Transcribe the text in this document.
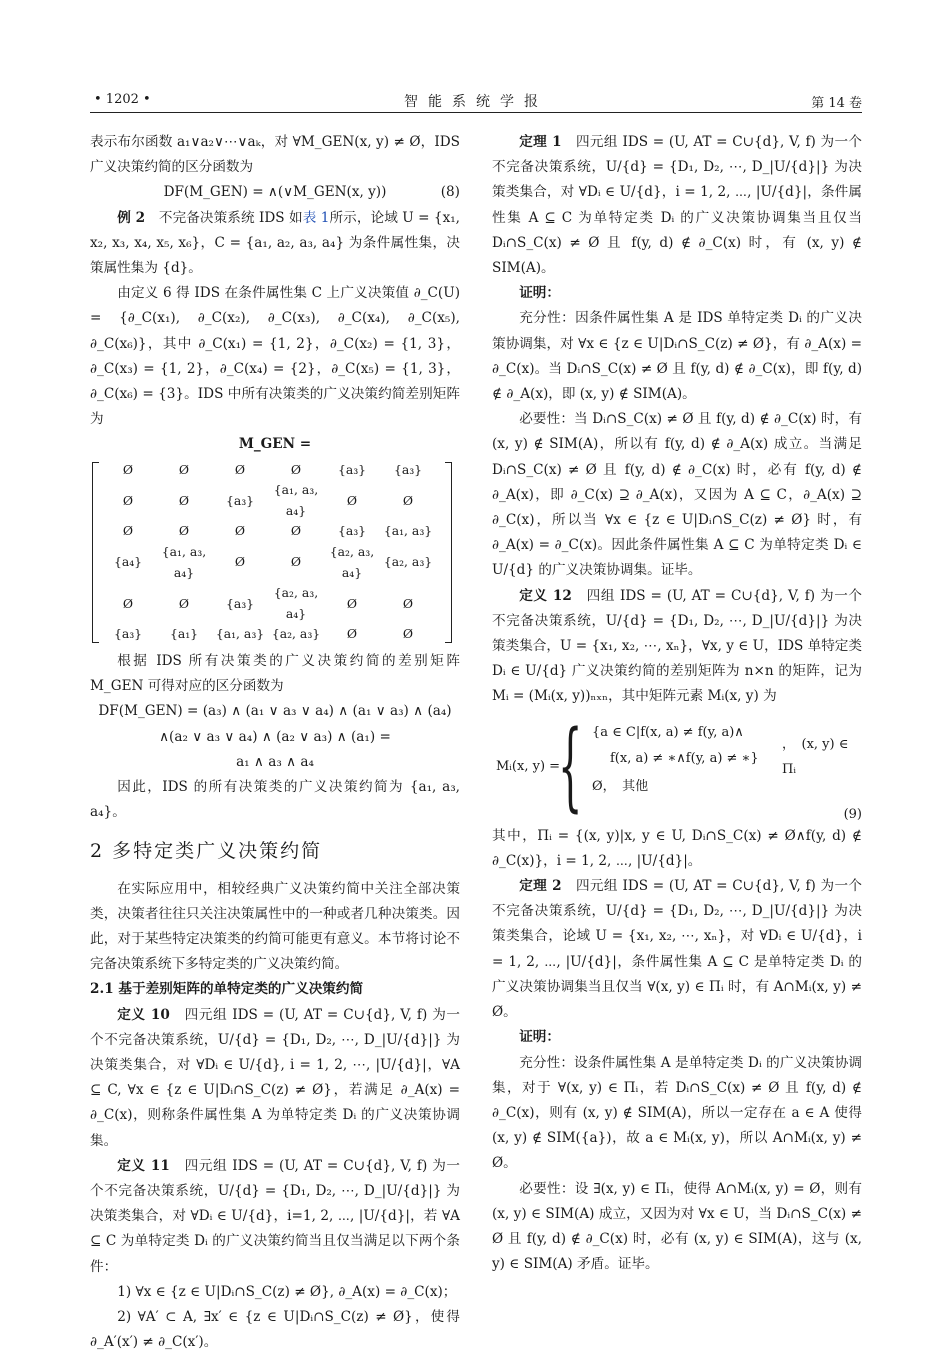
• 1202 •	智能系统学报	第 14 卷

表示布尔函数 a₁∨a₂∨⋯∨aₖ，对 ∀M_GEN(x, y) ≠ Ø，IDS 广义决策约简的区分函数为

DF(M_GEN) = ∧(∨M_GEN(x, y))	(8)

例 2　 不完备决策系统 IDS 如表 1所示，论域 U = {x₁, x₂, x₃, x₄, x₅, x₆}，C = {a₁, a₂, a₃, a₄} 为条件属性集，决策属性集为 {d}。

由定义 6 得 IDS 在条件属性集 C 上广义决策值 ∂_C(U) = {∂_C(x₁), ∂_C(x₂), ∂_C(x₃), ∂_C(x₄), ∂_C(x₅), ∂_C(x₆)}，其中 ∂_C(x₁) = {1, 2}，∂_C(x₂) = {1, 3}，∂_C(x₃) = {1, 2}，∂_C(x₄) = {2}，∂_C(x₅) = {1, 3}，∂_C(x₆) = {3}。IDS 中所有决策类的广义决策约简差别矩阵为

M_GEN =

Ø	Ø	Ø	Ø	{a₃}	{a₃}
Ø	Ø	{a₃}	{a₁, a₃, a₄}	Ø	Ø
Ø	Ø	Ø	Ø	{a₃}	{a₁, a₃}
{a₄}	{a₁, a₃, a₄}	Ø	Ø	{a₂, a₃, a₄}	{a₂, a₃}
Ø	Ø	{a₃}	{a₂, a₃, a₄}	Ø	Ø
{a₃}	{a₁}	{a₁, a₃}	{a₂, a₃}	Ø	Ø

根据 IDS 所有决策类的广义决策约简的差别矩阵 M_GEN 可得对应的区分函数为

DF(M_GEN) = (a₃) ∧ (a₁ ∨ a₃ ∨ a₄) ∧ (a₁ ∨ a₃) ∧ (a₄)

∧(a₂ ∨ a₃ ∨ a₄) ∧ (a₂ ∨ a₃) ∧ (a₁) =

a₁ ∧ a₃ ∧ a₄

因此，IDS 的所有决策类的广义决策约简为 {a₁, a₃, a₄}。

2 多特定类广义决策约简

在实际应用中，相较经典广义决策约简中关注全部决策类，决策者往往只关注决策属性中的一种或者几种决策类。因此，对于某些特定决策类的约简可能更有意义。本节将讨论不完备决策系统下多特定类的广义决策约简。

2.1 基于差别矩阵的单特定类的广义决策约简

定义 10　 四元组 IDS = (U, AT = C∪{d}, V, f) 为一个不完备决策系统，U/{d} = {D₁, D₂, ⋯, D_|U/{d}|} 为决策类集合，对 ∀Dᵢ ∈ U/{d}, i = 1, 2, ⋯, |U/{d}|，∀A ⊆ C, ∀x ∈ {z ∈ U|Dᵢ∩S_C(z) ≠ Ø}，若满足 ∂_A(x) = ∂_C(x)，则称条件属性集 A 为单特定类 Dᵢ 的广义决策协调集。

定义 11　 四元组 IDS = (U, AT = C∪{d}, V, f) 为一个不完备决策系统，U/{d} = {D₁, D₂, ⋯, D_|U/{d}|} 为决策类集合，对 ∀Dᵢ ∈ U/{d}，i=1, 2, ⋯, |U/{d}|，若 ∀A ⊆ C 为单特定类 Dᵢ 的广义决策约简当且仅当满足以下两个条件：

1) ∀x ∈ {z ∈ U|Dᵢ∩S_C(z) ≠ Ø}, ∂_A(x) = ∂_C(x)；

2) ∀A′ ⊂ A, ∃x′ ∈ {z ∈ U|Dᵢ∩S_C(z) ≠ Ø}，使得 ∂_A′(x′) ≠ ∂_C(x′)。

定理 1　 四元组 IDS = (U, AT = C∪{d}, V, f) 为一个不完备决策系统，U/{d} = {D₁, D₂, ⋯, D_|U/{d}|} 为决策类集合，对 ∀Dᵢ ∈ U/{d}，i = 1, 2, ⋯, |U/{d}|，条件属性集 A ⊆ C 为单特定类 Dᵢ 的广义决策协调集当且仅当 Dᵢ∩S_C(x) ≠ Ø 且 f(y, d) ∉ ∂_C(x) 时，有 (x, y) ∉ SIM(A)。

证明：

充分性：因条件属性集 A 是 IDS 单特定类 Dᵢ 的广义决策协调集，对 ∀x ∈ {z ∈ U|Dᵢ∩S_C(z) ≠ Ø}，有 ∂_A(x) = ∂_C(x)。当 Dᵢ∩S_C(x) ≠ Ø 且 f(y, d) ∉ ∂_C(x)，即 f(y, d) ∉ ∂_A(x)，即 (x, y) ∉ SIM(A)。

必要性：当 Dᵢ∩S_C(x) ≠ Ø 且 f(y, d) ∉ ∂_C(x) 时，有 (x, y) ∉ SIM(A)，所以有 f(y, d) ∉ ∂_A(x) 成立。当满足 Dᵢ∩S_C(x) ≠ Ø 且 f(y, d) ∉ ∂_C(x) 时，必有 f(y, d) ∉ ∂_A(x)，即 ∂_C(x) ⊇ ∂_A(x)，又因为 A ⊆ C，∂_A(x) ⊇ ∂_C(x)，所以当 ∀x ∈ {z ∈ U|Dᵢ∩S_C(z) ≠ Ø} 时，有 ∂_A(x) = ∂_C(x)。因此条件属性集 A ⊆ C 为单特定类 Dᵢ ∈ U/{d} 的广义决策协调集。证毕。

定义 12　 四组 IDS = (U, AT = C∪{d}, V, f) 为一个不完备决策系统，U/{d} = {D₁, D₂, ⋯, D_|U/{d}|} 为决策类集合，U = {x₁, x₂, ⋯, xₙ}，∀x, y ∈ U，IDS 单特定类 Dᵢ ∈ U/{d} 广义决策约简的差别矩阵为 n×n 的矩阵，记为 Mᵢ = (Mᵢ(x, y))ₙₓₙ，其中矩阵元素 Mᵢ(x, y) 为

Mᵢ(x, y) =
{ {a ∈ C|f(x, a) ≠ f(y, a)∧
f(x, a) ≠ ∗∧f(y, a) ≠ ∗}
Ø，　其他
，　(x, y) ∈ Πᵢ
(9)

其中，Πᵢ = {(x, y)|x, y ∈ U, Dᵢ∩S_C(x) ≠ Ø∧f(y, d) ∉ ∂_C(x)}，i = 1, 2, ⋯, |U/{d}|。

定理 2　 四元组 IDS = (U, AT = C∪{d}, V, f) 为一个不完备决策系统，U/{d} = {D₁, D₂, ⋯, D_|U/{d}|} 为决策类集合，论域 U = {x₁, x₂, ⋯, xₙ}，对 ∀Dᵢ ∈ U/{d}，i = 1, 2, ⋯, |U/{d}|，条件属性集 A ⊆ C 是单特定类 Dᵢ 的广义决策协调集当且仅当 ∀(x, y) ∈ Πᵢ 时，有 A∩Mᵢ(x, y) ≠ Ø。

证明：

充分性：设条件属性集 A 是单特定类 Dᵢ 的广义决策协调集，对于 ∀(x, y) ∈ Πᵢ，若 Dᵢ∩S_C(x) ≠ Ø 且 f(y, d) ∉ ∂_C(x)，则有 (x, y) ∉ SIM(A)，所以一定存在 a ∈ A 使得 (x, y) ∉ SIM({a})，故 a ∈ Mᵢ(x, y)，所以 A∩Mᵢ(x, y) ≠ Ø。

必要性：设 ∃(x, y) ∈ Πᵢ，使得 A∩Mᵢ(x, y) = Ø，则有 (x, y) ∈ SIM(A) 成立，又因为对 ∀x ∈ U，当 Dᵢ∩S_C(x) ≠ Ø 且 f(y, d) ∉ ∂_C(x) 时，必有 (x, y) ∈ SIM(A)，这与 (x, y) ∈ SIM(A) 矛盾。证毕。
